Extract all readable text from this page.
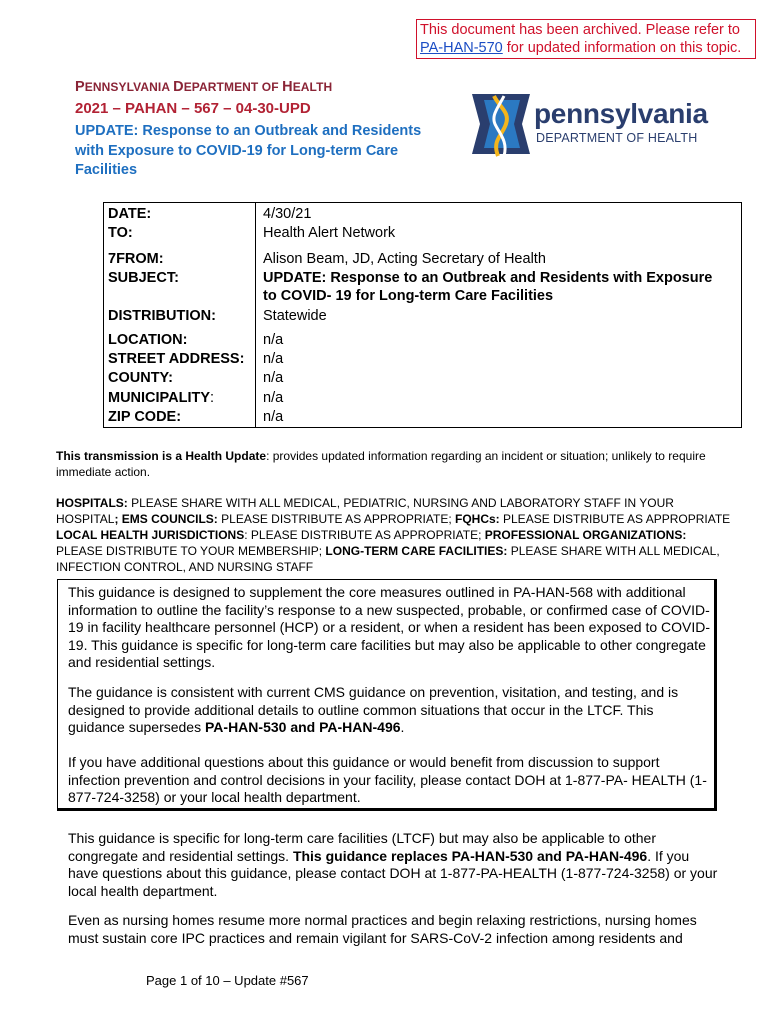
This document has been archived. Please refer to
PA-HAN-570 for updated information on this topic.
PENNSYLVANIA DEPARTMENT OF HEALTH
2021 – PAHAN – 567 – 04-30-UPD
UPDATE: Response to an Outbreak and Residents
with Exposure to COVID-19 for Long-term Care
Facilities
pennsylvania
DEPARTMENT OF HEALTH
DATE:	4/30/21
TO:	Health Alert Network
7FROM:	Alison Beam, JD, Acting Secretary of Health
SUBJECT:	UPDATE: Response to an Outbreak and Residents with Exposure
to COVID- 19 for Long-term Care Facilities
DISTRIBUTION:	Statewide
LOCATION:	n/a
STREET ADDRESS: n/a
COUNTY:	n/a
MUNICIPALITY:	n/a
ZIP CODE:	n/a
This transmission is a Health Update: provides updated information regarding an incident or situation; unlikely to require immediate action.
HOSPITALS: PLEASE SHARE WITH ALL MEDICAL, PEDIATRIC, NURSING AND LABORATORY STAFF IN YOUR HOSPITAL; EMS COUNCILS: PLEASE DISTRIBUTE AS APPROPRIATE; FQHCs: PLEASE DISTRIBUTE AS APPROPRIATE LOCAL HEALTH JURISDICTIONS: PLEASE DISTRIBUTE AS APPROPRIATE; PROFESSIONAL ORGANIZATIONS: PLEASE DISTRIBUTE TO YOUR MEMBERSHIP; LONG-TERM CARE FACILITIES: PLEASE SHARE WITH ALL MEDICAL, INFECTION CONTROL, AND NURSING STAFF
This guidance is designed to supplement the core measures outlined in PA-HAN-568 with additional information to outline the facility’s response to a new suspected, probable, or confirmed case of COVID-19 in facility healthcare personnel (HCP) or a resident, or when a resident has been exposed to COVID-19. This guidance is specific for long-term care facilities but may also be applicable to other congregate and residential settings.
The guidance is consistent with current CMS guidance on prevention, visitation, and testing, and is designed to provide additional details to outline common situations that occur in the LTCF. This guidance supersedes PA-HAN-530 and PA-HAN-496.
If you have additional questions about this guidance or would benefit from discussion to support infection prevention and control decisions in your facility, please contact DOH at 1-877-PA- HEALTH (1-877-724-3258) or your local health department.
This guidance is specific for long-term care facilities (LTCF) but may also be applicable to other congregate and residential settings. This guidance replaces PA-HAN-530 and PA-HAN-496. If you have questions about this guidance, please contact DOH at 1-877-PA-HEALTH (1-877-724-3258) or your local health department.
Even as nursing homes resume more normal practices and begin relaxing restrictions, nursing homes must sustain core IPC practices and remain vigilant for SARS-CoV-2 infection among residents and
Page 1 of 10 – Update #567
